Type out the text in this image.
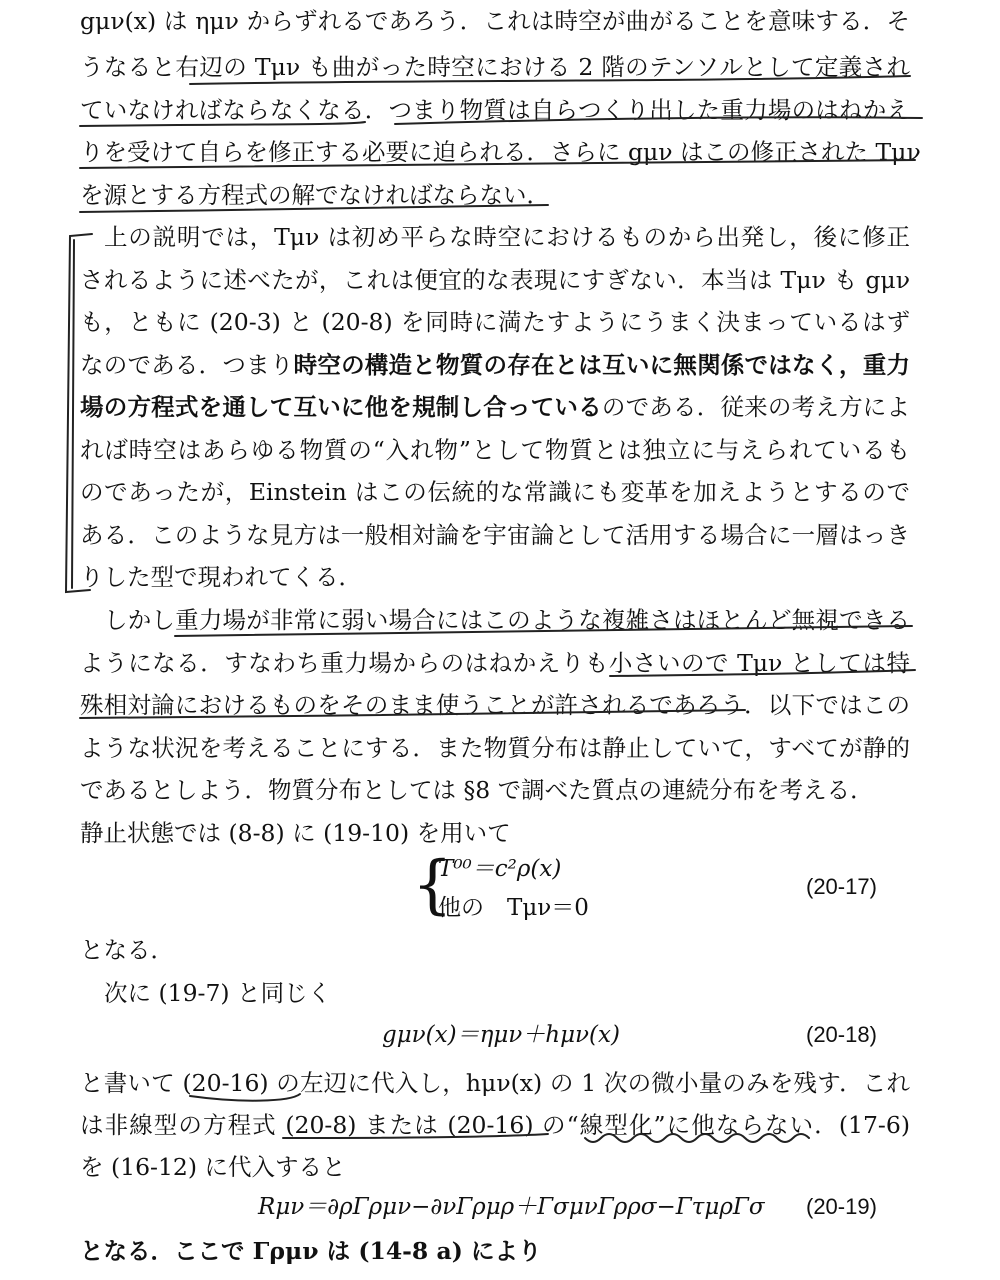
gμν(x) は ημν からずれるであろう．これは時空が曲がることを意味する．そ
うなると右辺の Tμν も曲がった時空における 2 階のテンソルとして定義され
ていなければならなくなる．つまり物質は自らつくり出した重力場のはねかえ
りを受けて自らを修正する必要に迫られる．さらに gμν はこの修正された Tμν
を源とする方程式の解でなければならない．
上の説明では，Tμν は初め平らな時空におけるものから出発し，後に修正
されるように述べたが，これは便宜的な表現にすぎない．本当は Tμν も gμν
も，ともに (20-3) と (20-8) を同時に満たすようにうまく決まっているはず
なのである．つまり時空の構造と物質の存在とは互いに無関係ではなく，重力
場の方程式を通して互いに他を規制し合っているのである．従来の考え方によ
れば時空はあらゆる物質の“入れ物”として物質とは独立に与えられているも
のであったが，Einstein はこの伝統的な常識にも変革を加えようとするので
ある．このような見方は一般相対論を宇宙論として活用する場合に一層はっき
りした型で現われてくる．
しかし重力場が非常に弱い場合にはこのような複雑さはほとんど無視できる
ようになる．すなわち重力場からのはねかえりも小さいので Tμν としては特
殊相対論におけるものをそのまま使うことが許されるであろう．以下ではこの
ような状況を考えることにする．また物質分布は静止していて，すべてが静的
であるとしよう．物質分布としては §8 で調べた質点の連続分布を考える．
静止状態では (8-8) に (19-10) を用いて
{
T⁰⁰＝c²ρ(x)
他の　Tμν＝0
(20-17)
となる．
次に (19-7) と同じく
gμν(x)＝ημν＋hμν(x)	(20-18)
と書いて (20-16) の左辺に代入し，hμν(x) の 1 次の微小量のみを残す．これ
は非線型の方程式 (20-8) または (20-16) の“線型化”に他ならない．(17-6)
を (16-12) に代入すると
Rμν＝∂ρΓρμν−∂νΓρμρ＋ΓσμνΓρρσ−ΓτμρΓσ (20-19)
となる．ここで Γρμν は (14-8 a) により
